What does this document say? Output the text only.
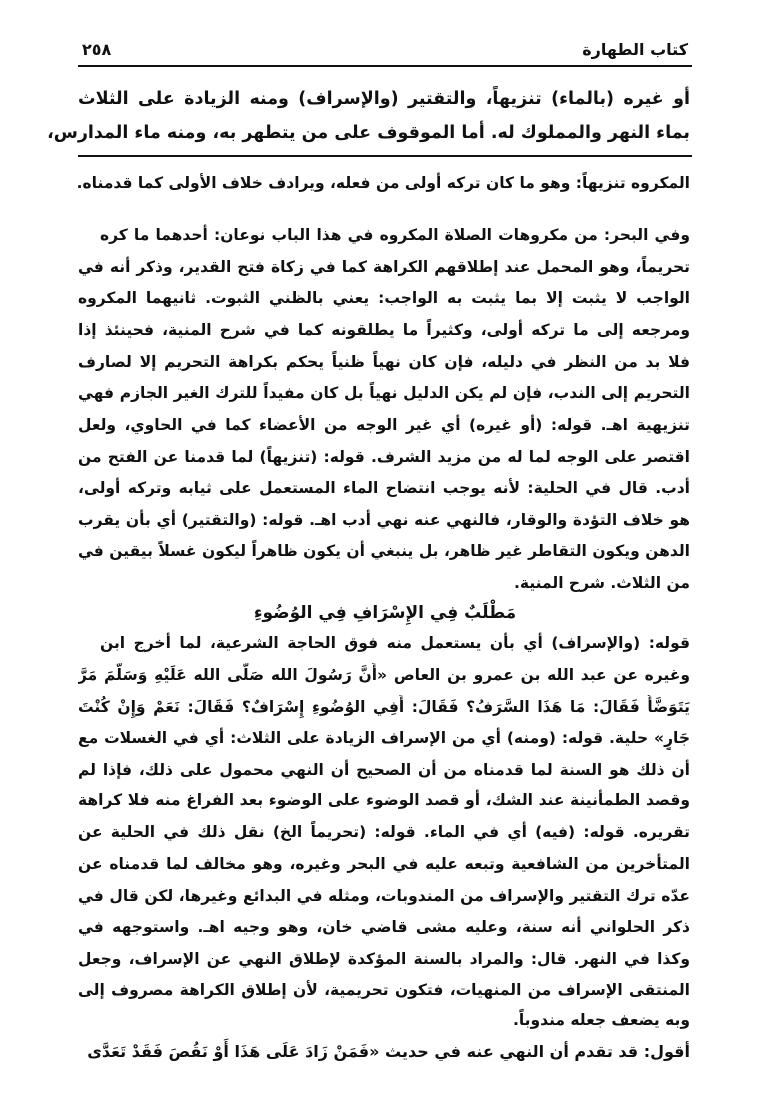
٢٥٨	كتاب الطهارة
أو غيره (بالماء) تنزيهاً، والتقتير (والإسراف) ومنه الزيادة على الثلاث
بماء النهر والمملوك له. أما الموقوف على من يتطهر به، ومنه ماء المدارس،
المكروه تنزيهاً: وهو ما كان تركه أولى من فعله، ويرادف خلاف الأولى كما قدمناه.
وفي البحر: من مكروهات الصلاة المكروه في هذا الباب نوعان: أحدهما ما كره
تحريماً، وهو المحمل عند إطلاقهم الكراهة كما في زكاة فتح القدير، وذكر أنه في
الواجب لا يثبت إلا بما يثبت به الواجب: يعني بالظني الثبوت. ثانيهما المكروه
ومرجعه إلى ما تركه أولى، وكثيراً ما يطلقونه كما في شرح المنية، فحينئذ إذا
فلا بد من النظر في دليله، فإن كان نهياً ظنياً يحكم بكراهة التحريم إلا لصارف
التحريم إلى الندب، فإن لم يكن الدليل نهياً بل كان مفيداً للترك الغير الجازم فهي
تنزيهية اهـ. قوله: (أو غيره) أي غير الوجه من الأعضاء كما في الحاوي، ولعل
اقتصر على الوجه لما له من مزيد الشرف. قوله: (تنزيهاً) لما قدمنا عن الفتح من
أدب. قال في الحلية: لأنه يوجب انتضاح الماء المستعمل على ثيابه وتركه أولى،
هو خلاف التؤدة والوقار، فالنهي عنه نهي أدب اهـ. قوله: (والتقتير) أي بأن يقرب
الدهن ويكون التقاطر غير ظاهر، بل ينبغي أن يكون ظاهراً ليكون غسلاً بيقين في
من الثلاث. شرح المنية.
مَطْلَبٌ فِي الإِسْرَافِ فِي الوُضُوءِ
قوله: (والإسراف) أي بأن يستعمل منه فوق الحاجة الشرعية، لما أخرج ابن
وغيره عن عبد الله بن عمرو بن العاص «أَنَّ رَسُولَ الله صَلَّى الله عَلَيْهِ وَسَلَّمَ مَرَّ
يَتَوَضَّأُ فَقَالَ: مَا هَذَا السَّرَفُ؟ فَقَالَ: أَفِي الوُضُوءِ إِسْرَافٌ؟ فَقَالَ: نَعَمْ وَإِنْ كُنْتَ
جَارٍ» حلية. قوله: (ومنه) أي من الإسراف الزيادة على الثلاث: أي في الغسلات مع
أن ذلك هو السنة لما قدمناه من أن الصحيح أن النهي محمول على ذلك، فإذا لم
وقصد الطمأنينة عند الشك، أو قصد الوضوء على الوضوء بعد الفراغ منه فلا كراهة
تقريره. قوله: (فيه) أي في الماء. قوله: (تحريماً الخ) نقل ذلك في الحلية عن
المتأخرين من الشافعية وتبعه عليه في البحر وغيره، وهو مخالف لما قدمناه عن
عدّه ترك التقتير والإسراف من المندوبات، ومثله في البدائع وغيرها، لكن قال في
ذكر الحلواني أنه سنة، وعليه مشى قاضي خان، وهو وجيه اهـ. واستوجهه في
وكذا في النهر. قال: والمراد بالسنة المؤكدة لإطلاق النهي عن الإسراف، وجعل
المنتقى الإسراف من المنهيات، فتكون تحريمية، لأن إطلاق الكراهة مصروف إلى
وبه يضعف جعله مندوباً.
أقول: قد تقدم أن النهي عنه في حديث «فَمَنْ زَادَ عَلَى هَذَا أَوْ نَقُصَ فَقَدْ تَعَدَّى
